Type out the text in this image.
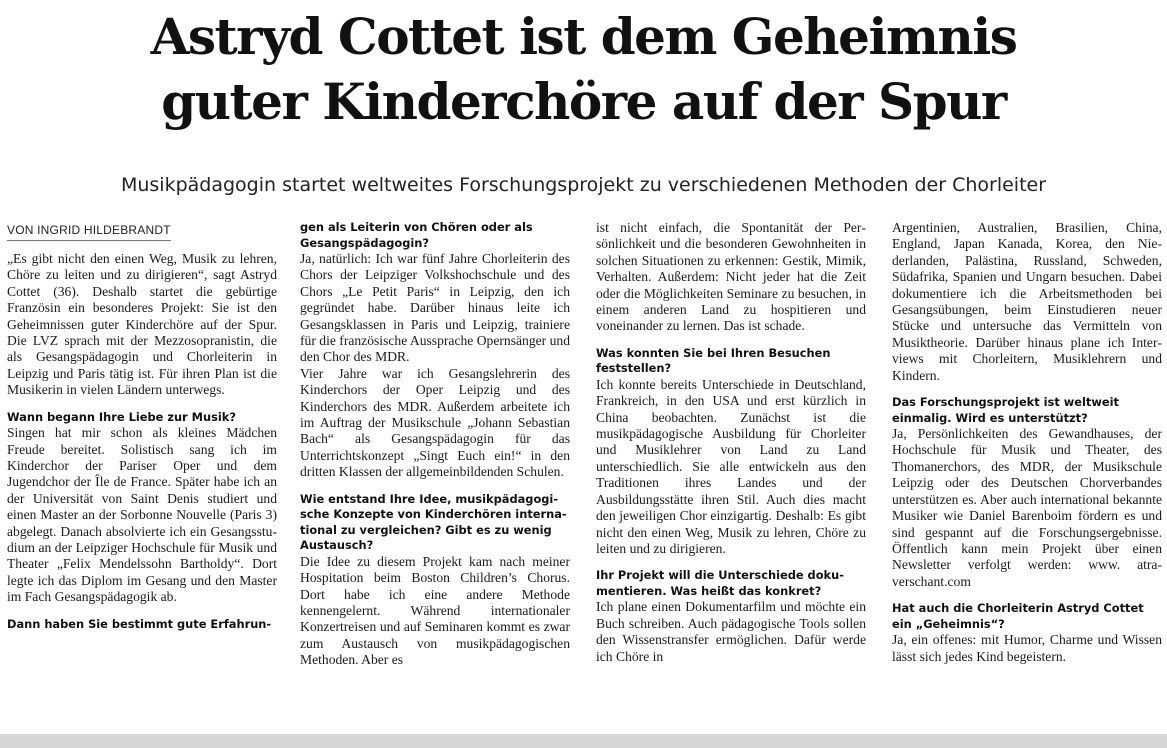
Astryd Cottet ist dem Geheimnis
guter Kinderchöre auf der Spur
Musikpädagogin startet weltweites Forschungsprojekt zu verschiedenen Methoden der Chorleiter
VON INGRID HILDEBRANDT

„Es gibt nicht den einen Weg, Musik zu lehren, Chöre zu leiten und zu dirigieren“, sagt Astryd Cottet (36). Deshalb startet die gebürtige Französin ein besonderes Projekt: Sie ist den Geheimnissen guter Kinderchöre auf der Spur. Die LVZ sprach mit der Mezzosopranistin, die als Gesangspädagogin und Chorleiterin in Leipzig und Paris tätig ist. Für ihren Plan ist die Musikerin in vielen Ländern unterwegs.

Wann begann Ihre Liebe zur Musik?

Singen hat mir schon als kleines Mädchen Freude bereitet. Solistisch sang ich im Kinderchor der Pariser Oper und dem Jugendchor der Île de France. Später habe ich an der Universität von Saint Denis studiert und einen Master an der Sorbonne Nouvelle (Paris 3) abgelegt. Danach absolvierte ich ein Gesangsstudium an der Leipziger Hochschule für Musik und Theater „Felix Mendelssohn Bartholdy“. Dort legte ich das Diplom im Gesang und den Master im Fach Gesangspädagogik ab.

Dann haben Sie bestimmt gute Erfahrun-

gen als Leiterin von Chören oder als Gesangspädagogin?

Ja, natürlich: Ich war fünf Jahre Chorleiterin des Chors der Leipziger Volkshochschule und des Chors „Le Petit Paris“ in Leipzig, den ich gegründet habe. Darüber hinaus leite ich Gesangsklassen in Paris und Leipzig, trainiere für die französische Aussprache Opernsänger und den Chor des MDR.

Vier Jahre war ich Gesangslehrerin des Kinderchors der Oper Leipzig und des Kinderchors des MDR. Außerdem arbeitete ich im Auftrag der Musikschule „Johann Sebastian Bach“ als Gesangspädagogin für das Unterrichtskonzept „Singt Euch ein!“ in den dritten Klassen der allgemeinbildenden Schulen.

Wie entstand Ihre Idee, musikpädagogische Konzepte von Kinderchören international zu vergleichen? Gibt es zu wenig Austausch?

Die Idee zu diesem Projekt kam nach meiner Hospitation beim Boston Children’s Chorus. Dort habe ich eine andere Methode kennengelernt. Während internationaler Konzertreisen und auf Seminaren kommt es zwar zum Austausch von musikpädagogischen Methoden. Aber es

ist nicht einfach, die Spontanität der Persönlichkeit und die besonderen Gewohnheiten in solchen Situationen zu erkennen: Gestik, Mimik, Verhalten. Außerdem: Nicht jeder hat die Zeit oder die Möglichkeiten Seminare zu besuchen, in einem anderen Land zu hospitieren und voneinander zu lernen. Das ist schade.

Was konnten Sie bei Ihren Besuchen feststellen?

Ich konnte bereits Unterschiede in Deutschland, Frankreich, in den USA und erst kürzlich in China beobachten. Zunächst ist die musikpädagogische Ausbildung für Chorleiter und Musiklehrer von Land zu Land unterschiedlich. Sie alle entwickeln aus den Traditionen ihres Landes und der Ausbildungsstätte ihren Stil. Auch dies macht den jeweiligen Chor einzigartig. Deshalb: Es gibt nicht den einen Weg, Musik zu lehren, Chöre zu leiten und zu dirigieren.

Ihr Projekt will die Unterschiede dokumentieren. Was heißt das konkret?

Ich plane einen Dokumentarfilm und möchte ein Buch schreiben. Auch pädagogische Tools sollen den Wissenstransfer ermöglichen. Dafür werde ich Chöre in

Argentinien, Australien, Brasilien, China, England, Japan Kanada, Korea, den Niederlanden, Palästina, Russland, Schweden, Südafrika, Spanien und Ungarn besuchen. Dabei dokumentiere ich die Arbeitsmethoden bei Gesangsübungen, beim Einstudieren neuer Stücke und untersuche das Vermitteln von Musiktheorie. Darüber hinaus plane ich Interviews mit Chorleitern, Musiklehrern und Kindern.

Das Forschungsprojekt ist weltweit einmalig. Wird es unterstützt?

Ja, Persönlichkeiten des Gewandhauses, der Hochschule für Musik und Theater, des Thomanerchors, des MDR, der Musikschule Leipzig oder des Deutschen Chorverbandes unterstützen es. Aber auch international bekannte Musiker wie Daniel Barenboim fördern es und sind gespannt auf die Forschungsergebnisse. Öffentlich kann mein Projekt über einen Newsletter verfolgt werden: www. atraverschant.com

Hat auch die Chorleiterin Astryd Cottet ein „Geheimnis“?

Ja, ein offenes: mit Humor, Charme und Wissen lässt sich jedes Kind begeistern.
